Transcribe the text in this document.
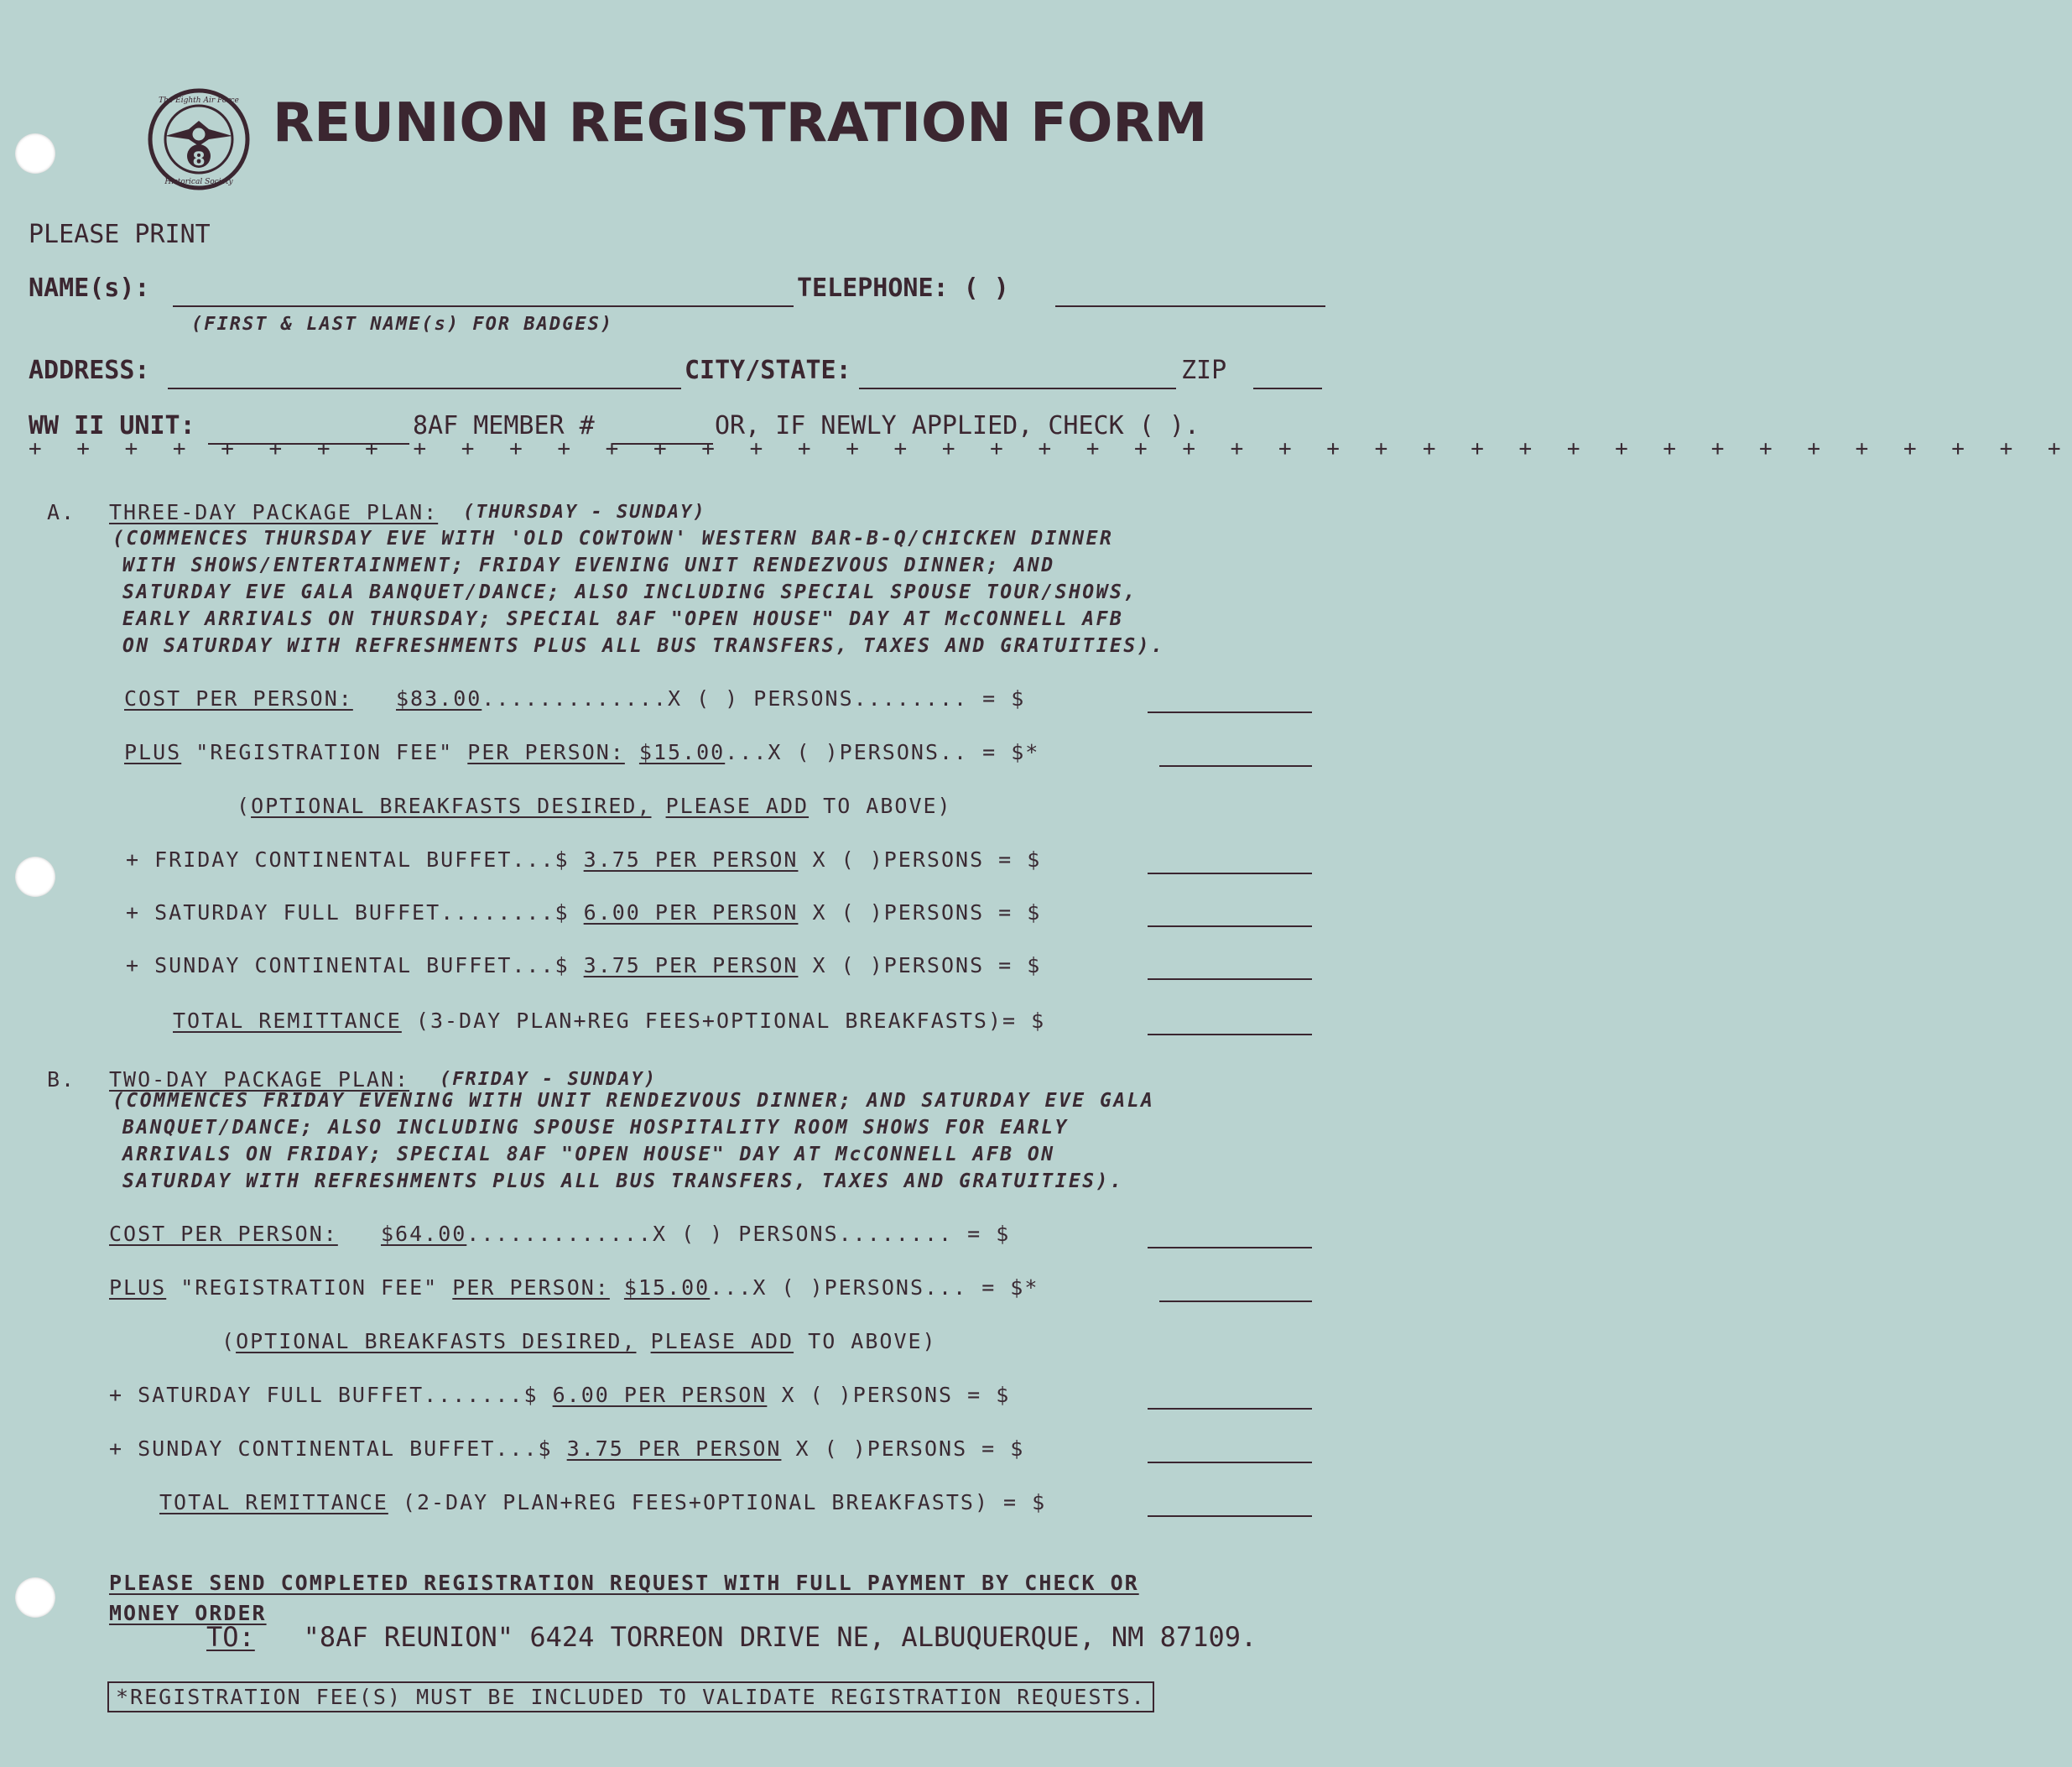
8
The Eighth Air Force
Historical Society
REUNION REGISTRATION FORM
PLEASE PRINT
NAME(s):	TELEPHONE: ( )
(FIRST & LAST NAME(s) FOR BADGES)
ADDRESS:	CITY/STATE:	ZIP
WW II UNIT:	8AF MEMBER #	OR, IF NEWLY APPLIED, CHECK ( ).
+ + + + + + + + + + + + + + + + + + + + + + + + + + + + + + + + + + + + + + + + + + +
A. THREE-DAY PACKAGE PLAN: (THURSDAY - SUNDAY)
(COMMENCES THURSDAY EVE WITH 'OLD COWTOWN' WESTERN BAR-B-Q/CHICKEN DINNER
WITH SHOWS/ENTERTAINMENT; FRIDAY EVENING UNIT RENDEZVOUS DINNER; AND
SATURDAY EVE GALA BANQUET/DANCE; ALSO INCLUDING SPECIAL SPOUSE TOUR/SHOWS,
EARLY ARRIVALS ON THURSDAY; SPECIAL 8AF "OPEN HOUSE" DAY AT McCONNELL AFB
ON SATURDAY WITH REFRESHMENTS PLUS ALL BUS TRANSFERS, TAXES AND GRATUITIES).
COST PER PERSON: $83.00.............X ( ) PERSONS........ = $
PLUS "REGISTRATION FEE" PER PERSON: $15.00...X ( )PERSONS.. = $*
(OPTIONAL BREAKFASTS DESIRED, PLEASE ADD TO ABOVE)
+ FRIDAY CONTINENTAL BUFFET...$ 3.75 PER PERSON X ( )PERSONS = $
+ SATURDAY FULL BUFFET........$ 6.00 PER PERSON X ( )PERSONS = $
+ SUNDAY CONTINENTAL BUFFET...$ 3.75 PER PERSON X ( )PERSONS = $
TOTAL REMITTANCE (3-DAY PLAN+REG FEES+OPTIONAL BREAKFASTS)= $
B. TWO-DAY PACKAGE PLAN: (FRIDAY - SUNDAY)
(COMMENCES FRIDAY EVENING WITH UNIT RENDEZVOUS DINNER; AND SATURDAY EVE GALA
BANQUET/DANCE; ALSO INCLUDING SPOUSE HOSPITALITY ROOM SHOWS FOR EARLY
ARRIVALS ON FRIDAY; SPECIAL 8AF "OPEN HOUSE" DAY AT McCONNELL AFB ON
SATURDAY WITH REFRESHMENTS PLUS ALL BUS TRANSFERS, TAXES AND GRATUITIES).
COST PER PERSON: $64.00.............X ( ) PERSONS........ = $
PLUS "REGISTRATION FEE" PER PERSON: $15.00...X ( )PERSONS... = $*
(OPTIONAL BREAKFASTS DESIRED, PLEASE ADD TO ABOVE)
+ SATURDAY FULL BUFFET.......$ 6.00 PER PERSON X ( )PERSONS = $
+ SUNDAY CONTINENTAL BUFFET...$ 3.75 PER PERSON X ( )PERSONS = $
TOTAL REMITTANCE (2-DAY PLAN+REG FEES+OPTIONAL BREAKFASTS) = $
PLEASE SEND COMPLETED REGISTRATION REQUEST WITH FULL PAYMENT BY CHECK OR
MONEY ORDER
TO: "8AF REUNION" 6424 TORREON DRIVE NE, ALBUQUERQUE, NM 87109.
*REGISTRATION FEE(S) MUST BE INCLUDED TO VALIDATE REGISTRATION REQUESTS.
